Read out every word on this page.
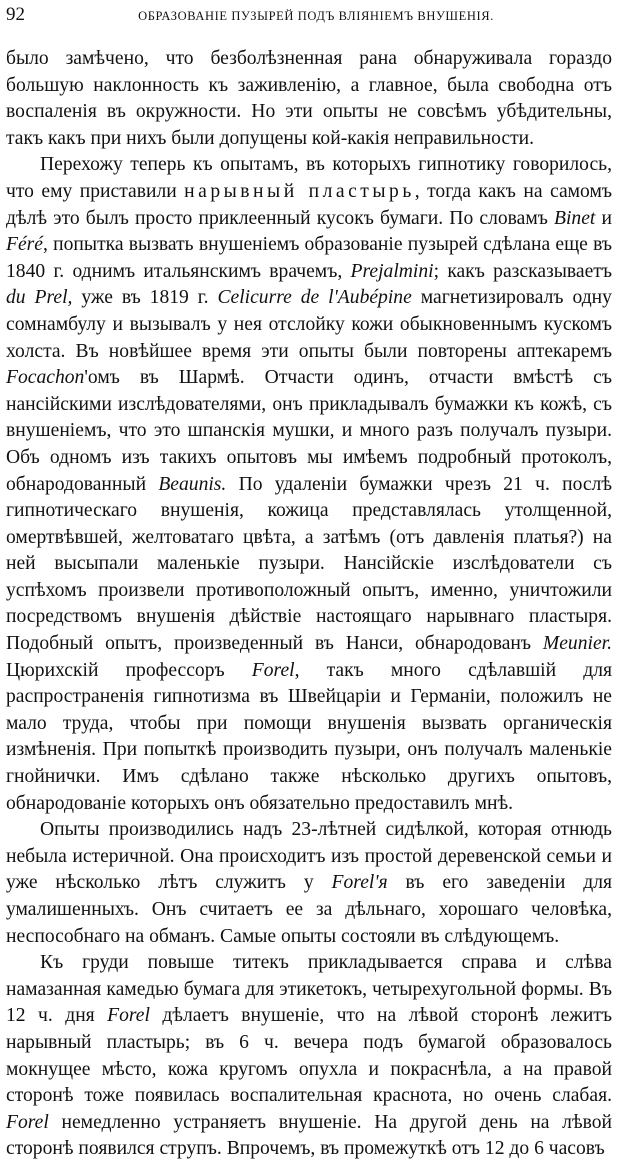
92	ОБРАЗОВАНІЕ ПУЗЫРЕЙ ПОДЪ ВЛІЯНІЕМЪ ВНУШЕНІЯ.

было замѣчено, что безболѣзненная рана обнаруживала гораздо большую наклонность къ заживленію, а главное, была свободна отъ воспаленія въ окружности. Но эти опыты не совсѣмъ убѣдительны, такъ какъ при нихъ были допущены кой-какія неправильности.

Перехожу теперь къ опытамъ, въ которыхъ гипнотику говорилось, что ему приставили нарывный пластырь, тогда какъ на самомъ дѣлѣ это былъ просто приклеенный кусокъ бумаги. По словамъ Binet и Féré, попытка вызвать внушеніемъ образованіе пузырей сдѣлана еще въ 1840 г. однимъ итальянскимъ врачемъ, Prejalmini; какъ разсказываетъ du Prel, уже въ 1819 г. Celicurre de l'Aubépine магнетизировалъ одну сомнамбулу и вызывалъ у нея отслойку кожи обыкновеннымъ кускомъ холста. Въ новѣйшее время эти опыты были повторены аптекаремъ Focachon'омъ въ Шармѣ. Отчасти одинъ, отчасти вмѣстѣ съ нансійскими изслѣдователями, онъ прикладывалъ бумажки къ кожѣ, съ внушеніемъ, что это шпанскія мушки, и много разъ получалъ пузыри. Объ одномъ изъ такихъ опытовъ мы имѣемъ подробный протоколъ, обнародованный Beaunis. По удаленіи бумажки чрезъ 21 ч. послѣ гипнотическаго внушенія, кожица представлялась утолщенной, омертвѣвшей, желтоватаго цвѣта, а затѣмъ (отъ давленія платья?) на ней высыпали маленькіе пузыри. Нансійскіе изслѣдователи съ успѣхомъ произвели противоположный опытъ, именно, уничтожили посредствомъ внушенія дѣйствіе настоящаго нарывнаго пластыря. Подобный опытъ, произведенный въ Нанси, обнародованъ Meunier. Цюрихскій профессоръ Forel, такъ много сдѣлавшій для распространенія гипнотизма въ Швейцаріи и Германіи, положилъ не мало труда, чтобы при помощи внушенія вызвать органическія измѣненія. При попыткѣ производить пузыри, онъ получалъ маленькіе гнойнички. Имъ сдѣлано также нѣсколько другихъ опытовъ, обнародованіе которыхъ онъ обязательно предоставилъ мнѣ.

Опыты производились надъ 23-лѣтней сидѣлкой, которая отнюдь небыла истеричной. Она происходитъ изъ простой деревенской семьи и уже нѣсколько лѣтъ служитъ у Forel'я въ его заведеніи для умалишенныхъ. Онъ считаетъ ее за дѣльнаго, хорошаго человѣка, неспособнаго на обманъ. Самые опыты состояли въ слѣдующемъ.

Къ груди повыше титекъ прикладывается справа и слѣва намазанная камедью бумага для этикетокъ, четырехугольной формы. Въ 12 ч. дня Forel дѣлаетъ внушеніе, что на лѣвой сторонѣ лежитъ нарывный пластырь; въ 6 ч. вечера подъ бумагой образовалось мокнущее мѣсто, кожа кругомъ опухла и покраснѣла, а на правой сторонѣ тоже появилась воспалительная краснота, но очень слабая. Forel немедленно устраняетъ внушеніе. На другой день на лѣвой сторонѣ появился струпъ. Впрочемъ, въ промежуткѣ отъ 12 до 6 часовъ
